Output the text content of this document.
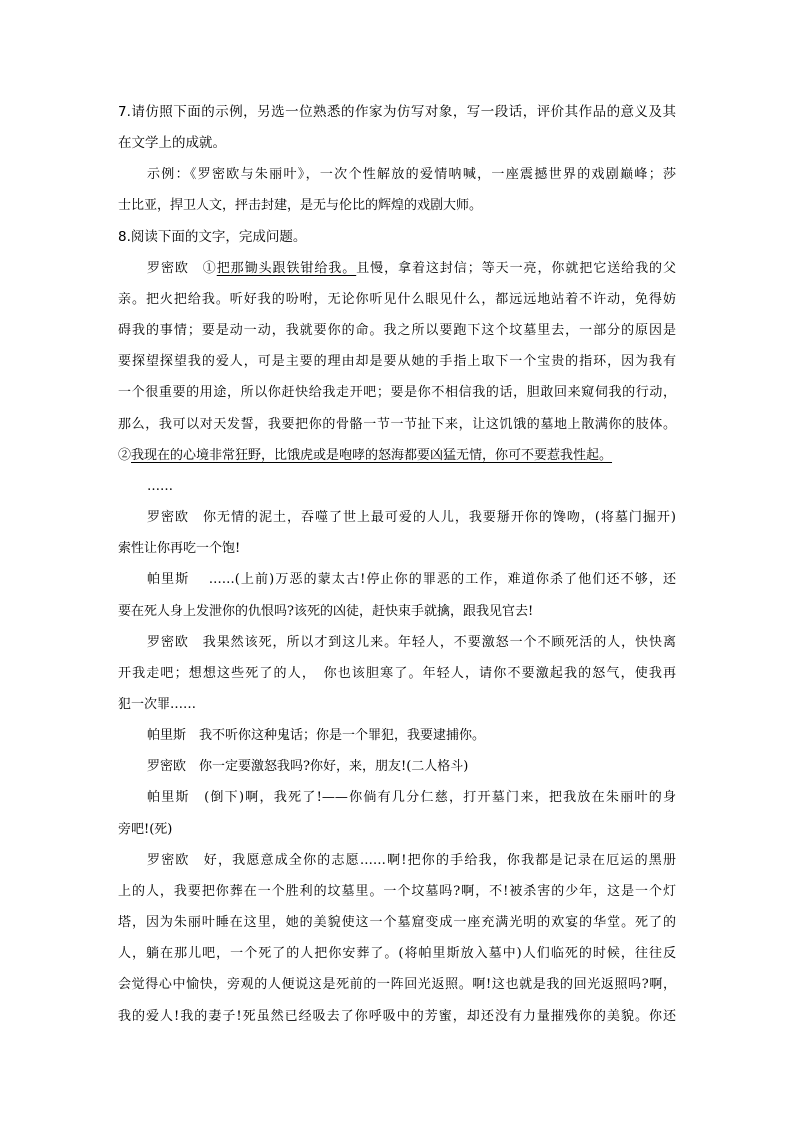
7.请仿照下面的示例，另选一位熟悉的作家为仿写对象，写一段话，评价其作品的意义及其
在文学上的成就。
示例：《罗密欧与朱丽叶》，一次个性解放的爱情呐喊，一座震撼世界的戏剧巅峰；莎
士比亚，捍卫人文，抨击封建，是无与伦比的辉煌的戏剧大师。
8.阅读下面的文字，完成问题。
罗密欧　①把那锄头跟铁钳给我。且慢，拿着这封信；等天一亮，你就把它送给我的父
亲。把火把给我。听好我的吩咐，无论你听见什么眼见什么，都远远地站着不许动，免得妨
碍我的事情；要是动一动，我就要你的命。我之所以要跑下这个坟墓里去，一部分的原因是
要探望探望我的爱人，可是主要的理由却是要从她的手指上取下一个宝贵的指环，因为我有
一个很重要的用途，所以你赶快给我走开吧；要是你不相信我的话，胆敢回来窥伺我的行动，
那么，我可以对天发誓，我要把你的骨骼一节一节扯下来，让这饥饿的墓地上散满你的肢体。
②我现在的心境非常狂野，比饿虎或是咆哮的怒海都要凶猛无情，你可不要惹我性起。
……
罗密欧　你无情的泥土，吞噬了世上最可爱的人儿，我要掰开你的馋吻，(将墓门掘开)
索性让你再吃一个饱!
帕里斯　 ……(上前)万恶的蒙太古!停止你的罪恶的工作，难道你杀了他们还不够，还
要在死人身上发泄你的仇恨吗?该死的凶徒，赶快束手就擒，跟我见官去!
罗密欧　我果然该死，所以才到这儿来。年轻人，不要激怒一个不顾死活的人，快快离
开我走吧；想想这些死了的人，　你也该胆寒了。年轻人，请你不要激起我的怒气，使我再
犯一次罪……
帕里斯　我不听你这种鬼话；你是一个罪犯，我要逮捕你。
罗密欧　你一定要激怒我吗?你好，来，朋友!(二人格斗)
帕里斯　(倒下)啊，我死了!——你倘有几分仁慈，打开墓门来，把我放在朱丽叶的身
旁吧!(死)
罗密欧　好，我愿意成全你的志愿……啊!把你的手给我，你我都是记录在厄运的黑册
上的人，我要把你葬在一个胜利的坟墓里。一个坟墓吗?啊，不!被杀害的少年，这是一个灯
塔，因为朱丽叶睡在这里，她的美貌使这一个墓窟变成一座充满光明的欢宴的华堂。死了的
人，躺在那儿吧，一个死了的人把你安葬了。(将帕里斯放入墓中)人们临死的时候，往往反
会觉得心中愉快，旁观的人便说这是死前的一阵回光返照。啊!这也就是我的回光返照吗?啊，
我的爱人!我的妻子!死虽然已经吸去了你呼吸中的芳蜜，却还没有力量摧残你的美貌。你还
